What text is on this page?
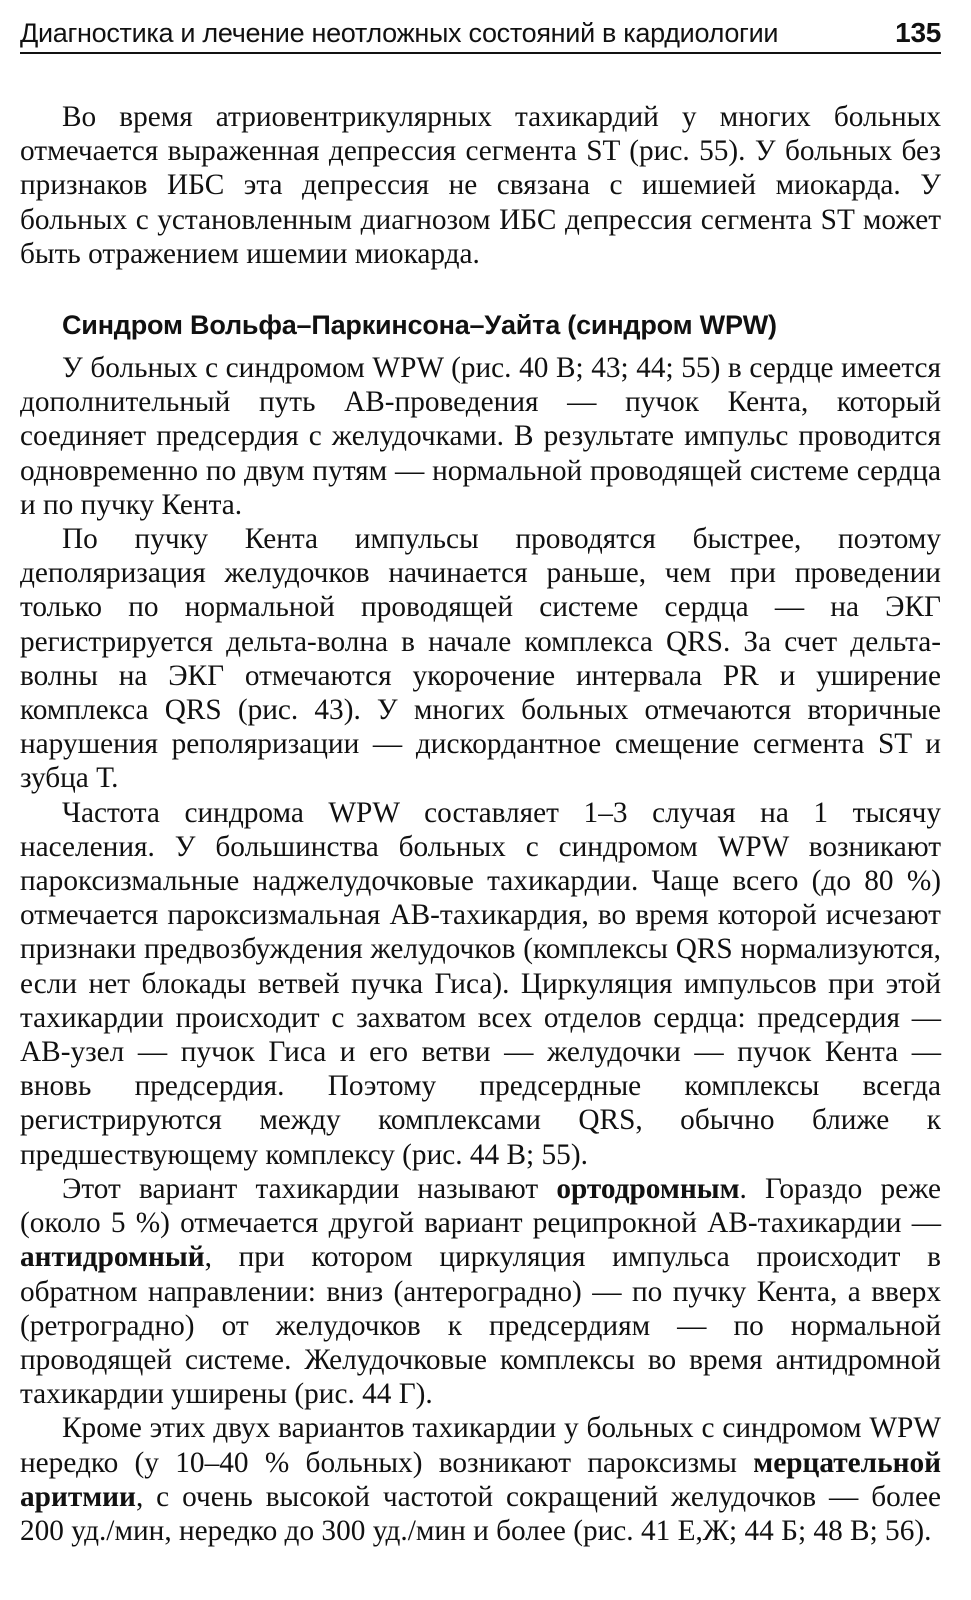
Диагностика и лечение неотложных состояний в кардиологии	135

Во время атриовентрикулярных тахикардий у многих больных отмечается выраженная депрессия сегмента ST (рис. 55). У больных без признаков ИБС эта депрессия не связана с ишемией миокарда. У больных с установленным диагнозом ИБС депрессия сегмента ST может быть отражением ишемии миокарда.

Синдром Вольфа–Паркинсона–Уайта (синдром WPW)

У больных с синдромом WPW (рис. 40 В; 43; 44; 55) в сердце имеется дополнительный путь АВ-проведения — пучок Кента, который соединяет предсердия с желудочками. В результате импульс проводится одновременно по двум путям — нормальной проводящей системе сердца и по пучку Кента.

По пучку Кента импульсы проводятся быстрее, поэтому деполяризация желудочков начинается раньше, чем при проведении только по нормальной проводящей системе сердца — на ЭКГ регистрируется дельта-волна в начале комплекса QRS. За счет дельта-волны на ЭКГ отмечаются укорочение интервала PR и уширение комплекса QRS (рис. 43). У многих больных отмечаются вторичные нарушения реполяризации — дискордантное смещение сегмента ST и зубца Т.

Частота синдрома WPW составляет 1–3 случая на 1 тысячу населения. У большинства больных с синдромом WPW возникают пароксизмальные наджелудочковые тахикардии. Чаще всего (до 80 %) отмечается пароксизмальная АВ-тахикардия, во время которой исчезают признаки предвозбуждения желудочков (комплексы QRS нормализуются, если нет блокады ветвей пучка Гиса). Циркуляция импульсов при этой тахикардии происходит с захватом всех отделов сердца: предсердия — АВ-узел — пучок Гиса и его ветви — желудочки — пучок Кента — вновь предсердия. Поэтому предсердные комплексы всегда регистрируются между комплексами QRS, обычно ближе к предшествующему комплексу (рис. 44 В; 55).

Этот вариант тахикардии называют ортодромным. Гораздо реже (около 5 %) отмечается другой вариант реципрокной АВ-тахикардии — антидромный, при котором циркуляция импульса происходит в обратном направлении: вниз (антероградно) — по пучку Кента, а вверх (ретроградно) от желудочков к предсердиям — по нормальной проводящей системе. Желудочковые комплексы во время антидромной тахикардии уширены (рис. 44 Г).

Кроме этих двух вариантов тахикардии у больных с синдромом WPW нередко (у 10–40 % больных) возникают пароксизмы мерцательной аритмии, с очень высокой частотой сокращений желудочков — более 200 уд./мин, нередко до 300 уд./мин и более (рис. 41 Е,Ж; 44 Б; 48 В; 56).
